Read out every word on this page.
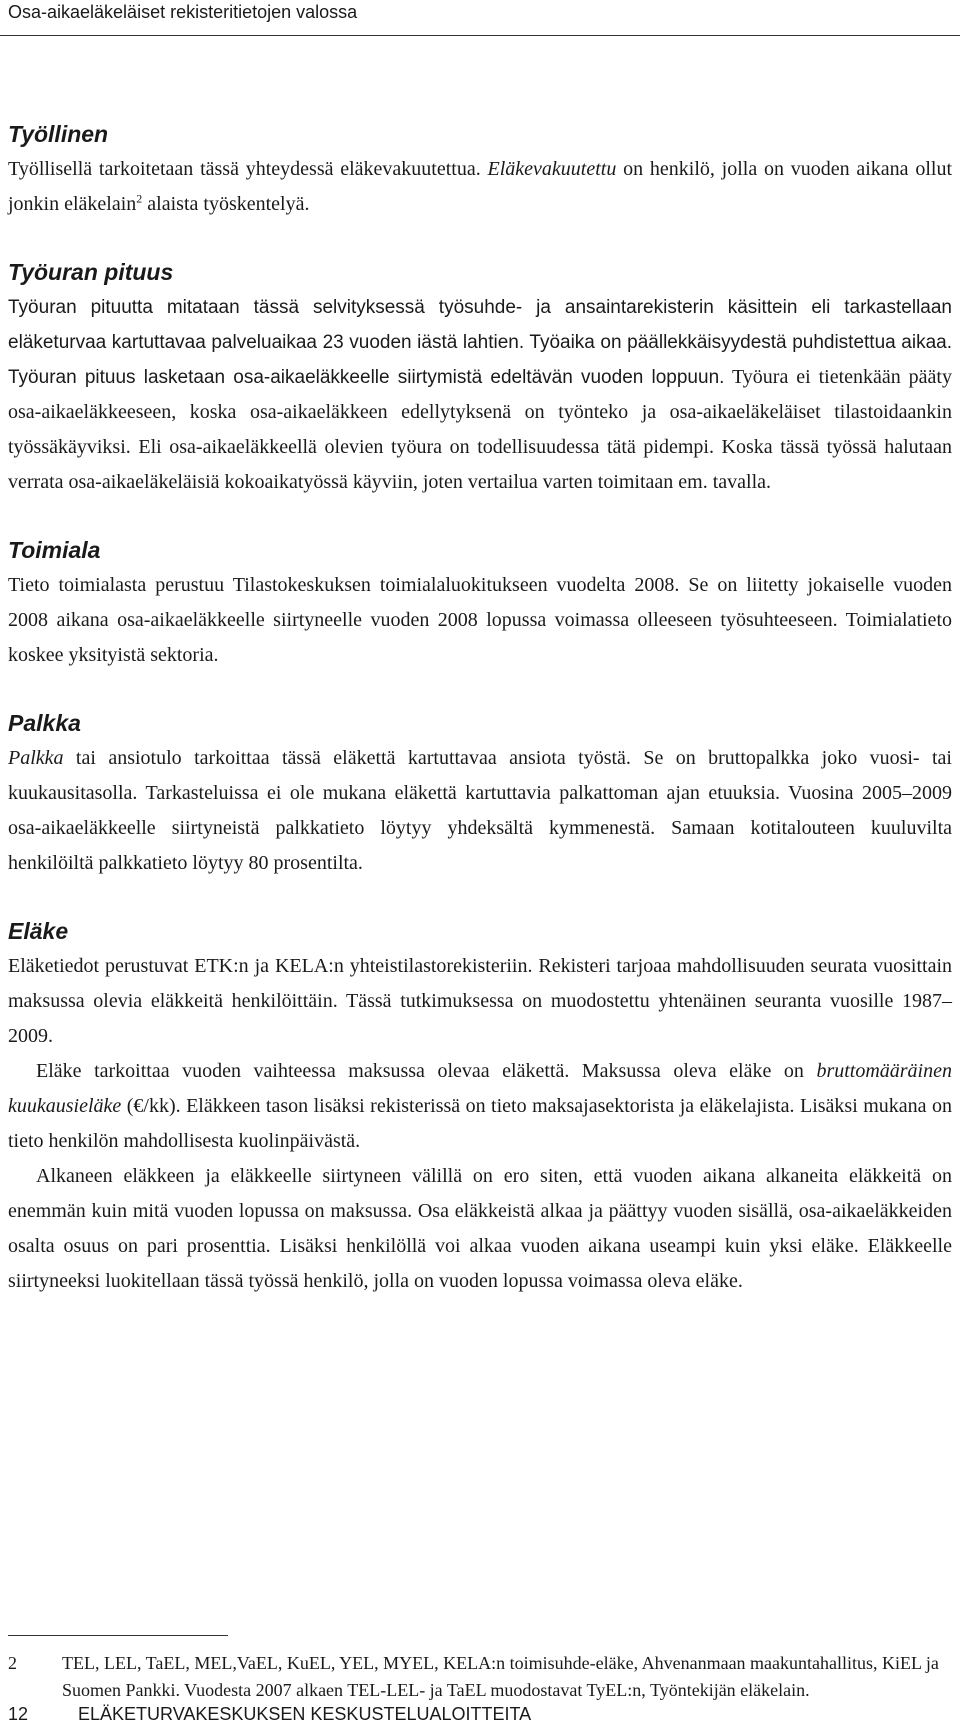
Osa-aikaeläkeläiset rekisteritietojen valossa
Työllinen

Työllisellä tarkoitetaan tässä yhteydessä eläkevakuutettua. Eläkevakuutettu on henkilö, jolla on vuoden aikana ollut jonkin eläkelain$^2$ alaista työskentelyä.

Työuran pituus

Työuran pituutta mitataan tässä selvityksessä työsuhde- ja ansaintarekisterin käsittein eli tarkastellaan eläketurvaa kartuttavaa palveluaikaa 23 vuoden iästä lahtien. Työaika on päällekkäisyydestä puhdistettua aikaa. Työuran pituus lasketaan osa-aikaeläkkeelle siirtymistä edeltävän vuoden loppuun. Työura ei tietenkään pääty osa-aikaeläkkeeseen, koska osa-aikaeläkkeen edellytyksenä on työnteko ja osa-aikaeläkeläiset tilastoidaankin työssäkäyviksi. Eli osa-aikaeläkkeellä olevien työura on todellisuudessa tätä pidempi. Koska tässä työssä halutaan verrata osa-aikaeläkeläisiä kokoaikatyössä käyviin, joten vertailua varten toimitaan em. tavalla.

Toimiala

Tieto toimialasta perustuu Tilastokeskuksen toimialaluokitukseen vuodelta 2008. Se on liitetty jokaiselle vuoden 2008 aikana osa-aikaeläkkeelle siirtyneelle vuoden 2008 lopussa voimassa olleeseen työsuhteeseen. Toimialatieto koskee yksityistä sektoria.

Palkka

Palkka tai ansiotulo tarkoittaa tässä eläkettä kartuttavaa ansiota työstä. Se on bruttopalkka joko vuosi- tai kuukausitasolla. Tarkasteluissa ei ole mukana eläkettä kartuttavia palkattoman ajan etuuksia. Vuosina 2005–2009 osa-aikaeläkkeelle siirtyneistä palkkatieto löytyy yhdeksältä kymmenestä. Samaan kotitalouteen kuuluvilta henkilöiltä palkkatieto löytyy 80 prosentilta.

Eläke

Eläketiedot perustuvat ETK:n ja KELA:n yhteistilastorekisteriin. Rekisteri tarjoaa mahdollisuuden seurata vuosittain maksussa olevia eläkkeitä henkilöittäin. Tässä tutkimuksessa on muodostettu yhtenäinen seuranta vuosille 1987–2009.

Eläke tarkoittaa vuoden vaihteessa maksussa olevaa eläkettä. Maksussa oleva eläke on bruttomääräinen kuukausieläke (€/kk). Eläkkeen tason lisäksi rekisterissä on tieto maksajasektorista ja eläkelajista. Lisäksi mukana on tieto henkilön mahdollisesta kuolinpäivästä.

Alkaneen eläkkeen ja eläkkeelle siirtyneen välillä on ero siten, että vuoden aikana alkaneita eläkkeitä on enemmän kuin mitä vuoden lopussa on maksussa. Osa eläkkeistä alkaa ja päättyy vuoden sisällä, osa-aikaeläkkeiden osalta osuus on pari prosenttia. Lisäksi henkilöllä voi alkaa vuoden aikana useampi kuin yksi eläke. Eläkkeelle siirtyneeksi luokitellaan tässä työssä henkilö, jolla on vuoden lopussa voimassa oleva eläke.

2	TEL, LEL, TaEL, MEL,VaEL, KuEL, YEL, MYEL, KELA:n toimisuhde-eläke, Ahvenanmaan maakuntahallitus, KiEL ja Suomen Pankki. Vuodesta 2007 alkaen TEL-LEL- ja TaEL muodostavat TyEL:n, Työntekijän eläkelain.
12	ELÄKETURVAKESKUKSEN KESKUSTELUALOITTEITA
